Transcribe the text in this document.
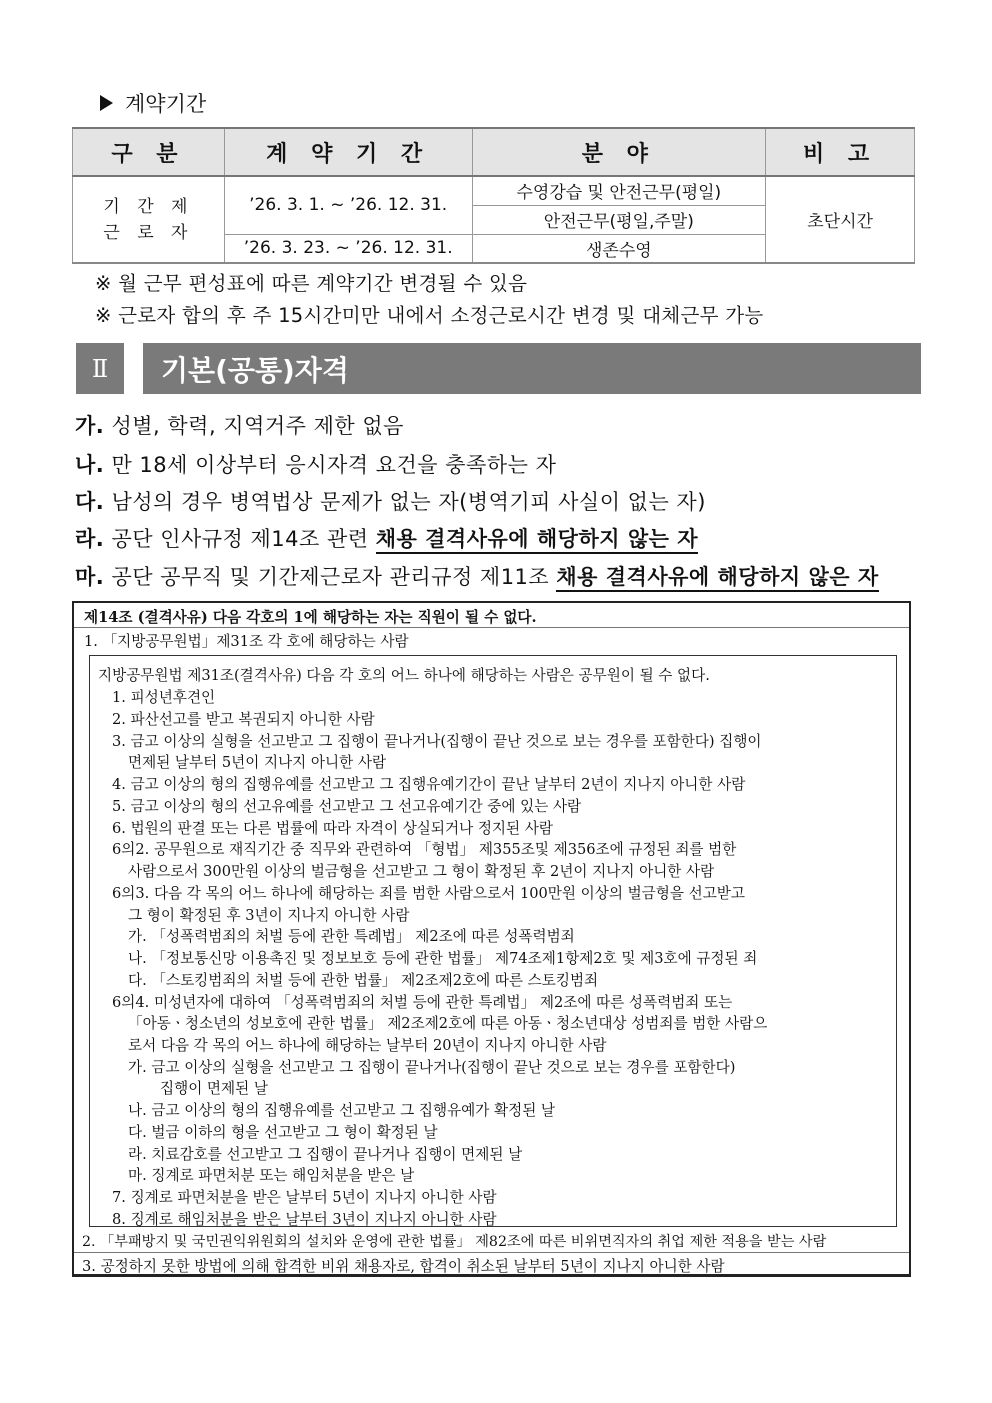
계약기간
구 분	계 약 기 간	분 야	비 고

기 간 제
근 로 자	’26. 3. 1. ~ ’26. 12. 31.	수영강습 및 안전근무(평일)	초단시간
		안전근무(평일,주말)	
	’26. 3. 23. ~ ’26. 12. 31.	생존수영	
※ 월 근무 편성표에 따른 계약기간 변경될 수 있음
※ 근로자 합의 후 주 15시간미만 내에서 소정근로시간 변경 및 대체근무 가능
Ⅱ	기본(공통)자격
가. 성별, 학력, 지역거주 제한 없음
나. 만 18세 이상부터 응시자격 요건을 충족하는 자
다. 남성의 경우 병역법상 문제가 없는 자(병역기피 사실이 없는 자)
라. 공단 인사규정 제14조 관련 채용 결격사유에 해당하지 않는 자
마. 공단 공무직 및 기간제근로자 관리규정 제11조 채용 결격사유에 해당하지 않은 자
제14조 (결격사유) 다음 각호의 1에 해당하는 자는 직원이 될 수 없다.
1. 「지방공무원법」제31조 각 호에 해당하는 사람
지방공무원법 제31조(결격사유) 다음 각 호의 어느 하나에 해당하는 사람은 공무원이 될 수 없다.
1. 피성년후견인
2. 파산선고를 받고 복권되지 아니한 사람
3. 금고 이상의 실형을 선고받고 그 집행이 끝나거나(집행이 끝난 것으로 보는 경우를 포함한다) 집행이
면제된 날부터 5년이 지나지 아니한 사람
4. 금고 이상의 형의 집행유예를 선고받고 그 집행유예기간이 끝난 날부터 2년이 지나지 아니한 사람
5. 금고 이상의 형의 선고유예를 선고받고 그 선고유예기간 중에 있는 사람
6. 법원의 판결 또는 다른 법률에 따라 자격이 상실되거나 정지된 사람
6의2. 공무원으로 재직기간 중 직무와 관련하여 「형법」 제355조및 제356조에 규정된 죄를 범한
사람으로서 300만원 이상의 벌금형을 선고받고 그 형이 확정된 후 2년이 지나지 아니한 사람
6의3. 다음 각 목의 어느 하나에 해당하는 죄를 범한 사람으로서 100만원 이상의 벌금형을 선고받고
그 형이 확정된 후 3년이 지나지 아니한 사람
가. 「성폭력범죄의 처벌 등에 관한 특례법」 제2조에 따른 성폭력범죄
나. 「정보통신망 이용촉진 및 정보보호 등에 관한 법률」 제74조제1항제2호 및 제3호에 규정된 죄
다. 「스토킹범죄의 처벌 등에 관한 법률」 제2조제2호에 따른 스토킹범죄
6의4. 미성년자에 대하여 「성폭력범죄의 처벌 등에 관한 특례법」 제2조에 따른 성폭력범죄 또는
「아동ㆍ청소년의 성보호에 관한 법률」 제2조제2호에 따른 아동ㆍ청소년대상 성범죄를 범한 사람으
로서 다음 각 목의 어느 하나에 해당하는 날부터 20년이 지나지 아니한 사람
가. 금고 이상의 실형을 선고받고 그 집행이 끝나거나(집행이 끝난 것으로 보는 경우를 포함한다)
집행이 면제된 날
나. 금고 이상의 형의 집행유예를 선고받고 그 집행유예가 확정된 날
다. 벌금 이하의 형을 선고받고 그 형이 확정된 날
라. 치료감호를 선고받고 그 집행이 끝나거나 집행이 면제된 날
마. 징계로 파면처분 또는 해임처분을 받은 날
7. 징계로 파면처분을 받은 날부터 5년이 지나지 아니한 사람
8. 징계로 해임처분을 받은 날부터 3년이 지나지 아니한 사람
2. 「부패방지 및 국민권익위원회의 설치와 운영에 관한 법률」 제82조에 따른 비위면직자의 취업 제한 적용을 받는 사람
3. 공정하지 못한 방법에 의해 합격한 비위 채용자로, 합격이 취소된 날부터 5년이 지나지 아니한 사람
